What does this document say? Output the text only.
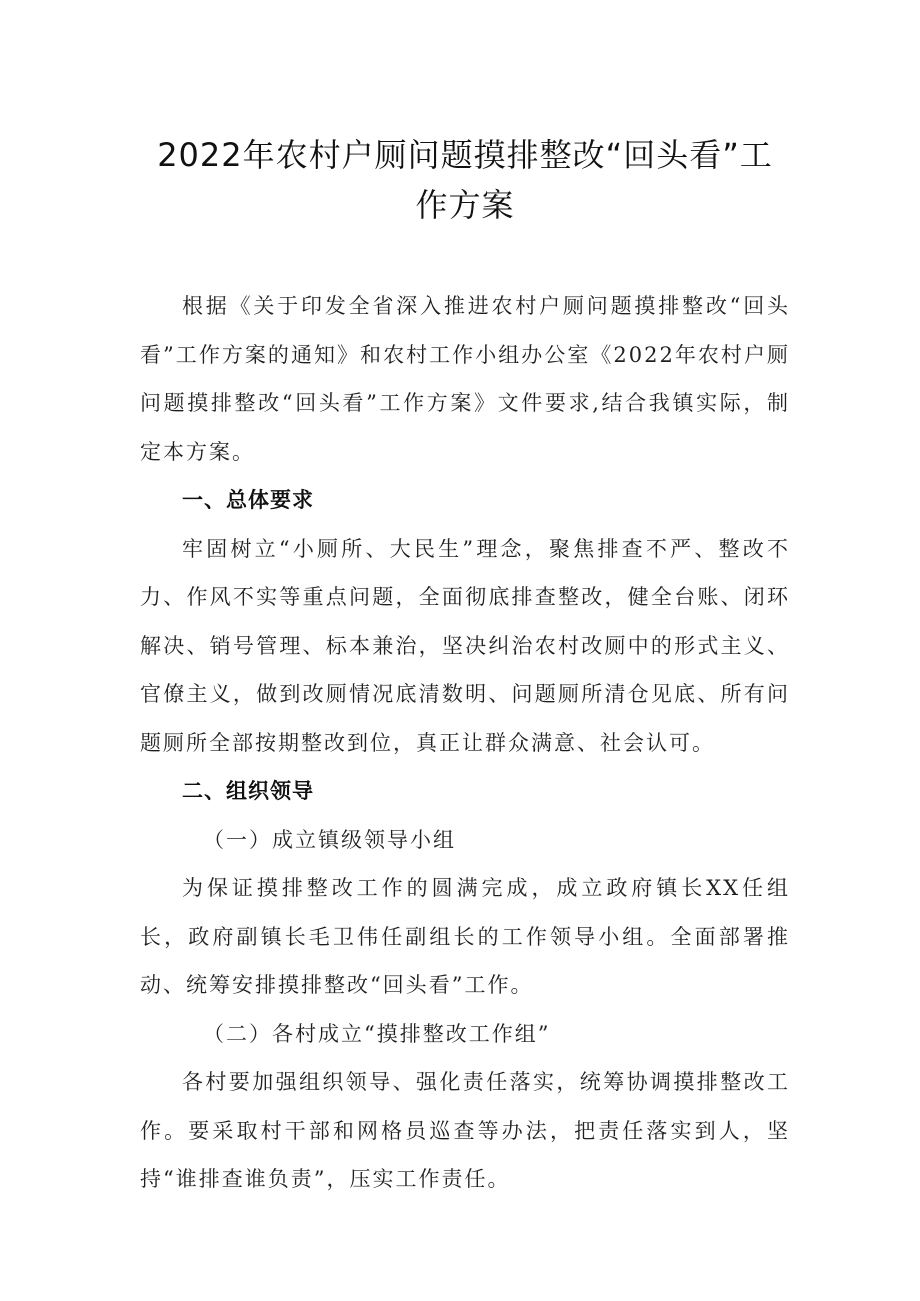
2022年农村户厕问题摸排整改“回头看”工
作方案

根据《关于印发全省深入推进农村户厕问题摸排整改“回头看”工作方案的通知》和农村工作小组办公室《2022年农村户厕问题摸排整改“回头看”工作方案》文件要求,结合我镇实际，制定本方案。

一、总体要求

牢固树立“小厕所、大民生”理念，聚焦排查不严、整改不力、作风不实等重点问题，全面彻底排查整改，健全台账、闭环解决、销号管理、标本兼治，坚决纠治农村改厕中的形式主义、官僚主义，做到改厕情况底清数明、问题厕所清仓见底、所有问题厕所全部按期整改到位，真正让群众满意、社会认可。

二、组织领导

（一）成立镇级领导小组

为保证摸排整改工作的圆满完成，成立政府镇长XX任组长，政府副镇长毛卫伟任副组长的工作领导小组。全面部署推动、统筹安排摸排整改“回头看”工作。

（二）各村成立“摸排整改工作组”

各村要加强组织领导、强化责任落实，统筹协调摸排整改工作。要采取村干部和网格员巡查等办法，把责任落实到人，坚持“谁排查谁负责”，压实工作责任。
